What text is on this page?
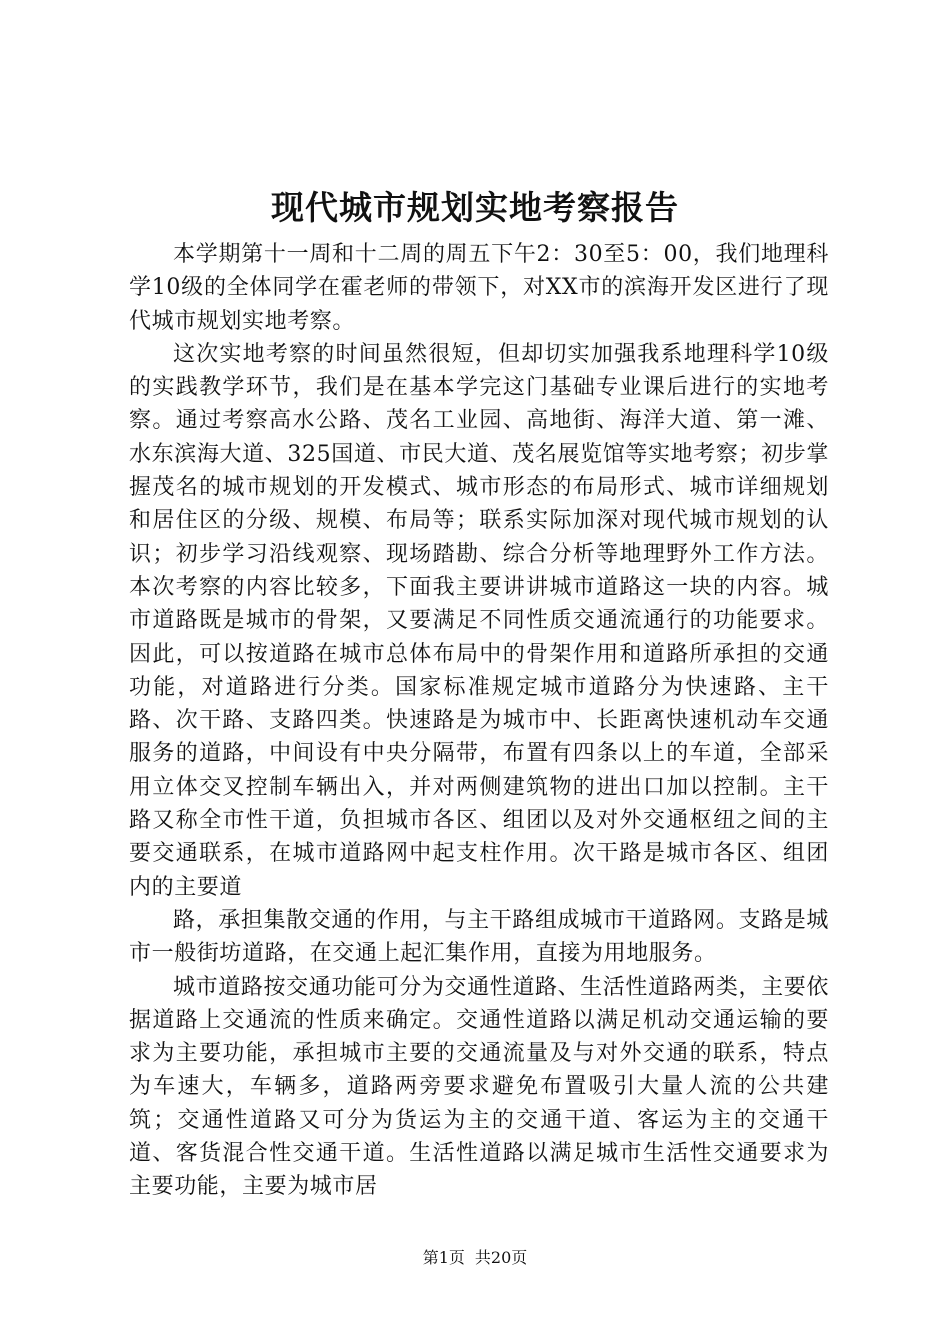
现代城市规划实地考察报告

本学期第十一周和十二周的周五下午2：30至5：00，我们地理科学10级的全体同学在霍老师的带领下，对XX市的滨海开发区进行了现代城市规划实地考察。

这次实地考察的时间虽然很短，但却切实加强我系地理科学10级的实践教学环节，我们是在基本学完这门基础专业课后进行的实地考察。通过考察高水公路、茂名工业园、高地街、海洋大道、第一滩、水东滨海大道、325国道、市民大道、茂名展览馆等实地考察；初步掌握茂名的城市规划的开发模式、城市形态的布局形式、城市详细规划和居住区的分级、规模、布局等；联系实际加深对现代城市规划的认识；初步学习沿线观察、现场踏勘、综合分析等地理野外工作方法。本次考察的内容比较多，下面我主要讲讲城市道路这一块的内容。城市道路既是城市的骨架，又要满足不同性质交通流通行的功能要求。因此，可以按道路在城市总体布局中的骨架作用和道路所承担的交通功能，对道路进行分类。国家标准规定城市道路分为快速路、主干路、次干路、支路四类。快速路是为城市中、长距离快速机动车交通服务的道路，中间设有中央分隔带，布置有四条以上的车道，全部采用立体交叉控制车辆出入，并对两侧建筑物的进出口加以控制。主干路又称全市性干道，负担城市各区、组团以及对外交通枢纽之间的主要交通联系，在城市道路网中起支柱作用。次干路是城市各区、组团内的主要道

路，承担集散交通的作用，与主干路组成城市干道路网。支路是城市一般街坊道路，在交通上起汇集作用，直接为用地服务。

城市道路按交通功能可分为交通性道路、生活性道路两类，主要依据道路上交通流的性质来确定。交通性道路以满足机动交通运输的要求为主要功能，承担城市主要的交通流量及与对外交通的联系，特点为车速大，车辆多，道路两旁要求避免布置吸引大量人流的公共建筑；交通性道路又可分为货运为主的交通干道、客运为主的交通干道、客货混合性交通干道。生活性道路以满足城市生活性交通要求为主要功能，主要为城市居

第1页 共20页
